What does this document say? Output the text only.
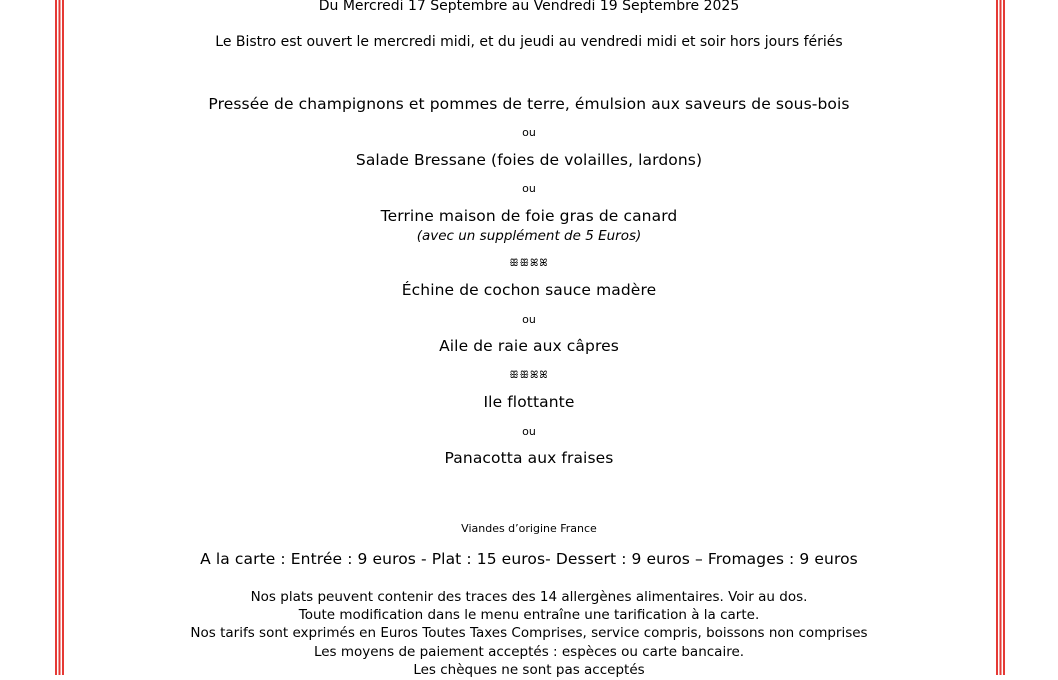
Du Mercredi 17 Septembre au Vendredi 19 Septembre 2025
Le Bistro est ouvert le mercredi midi, et du jeudi au vendredi midi et soir hors jours fériés
Pressée de champignons et pommes de terre, émulsion aux saveurs de sous-bois
ou
Salade Bressane (foies de volailles, lardons)
ou
Terrine maison de foie gras de canard
(avec un supplément de 5 Euros)
ꕥꕥꕤꕤ
Échine de cochon sauce madère
ou
Aile de raie aux câpres
ꕥꕥꕤꕤ
Ile flottante
ou
Panacotta aux fraises
Viandes d’origine France
A la carte : Entrée : 9 euros - Plat : 15 euros- Dessert : 9 euros – Fromages : 9 euros
Nos plats peuvent contenir des traces des 14 allergènes alimentaires. Voir au dos.
Toute modification dans le menu entraîne une tarification à la carte.
Nos tarifs sont exprimés en Euros Toutes Taxes Comprises, service compris, boissons non comprises
Les moyens de paiement acceptés : espèces ou carte bancaire.
Les chèques ne sont pas acceptés
